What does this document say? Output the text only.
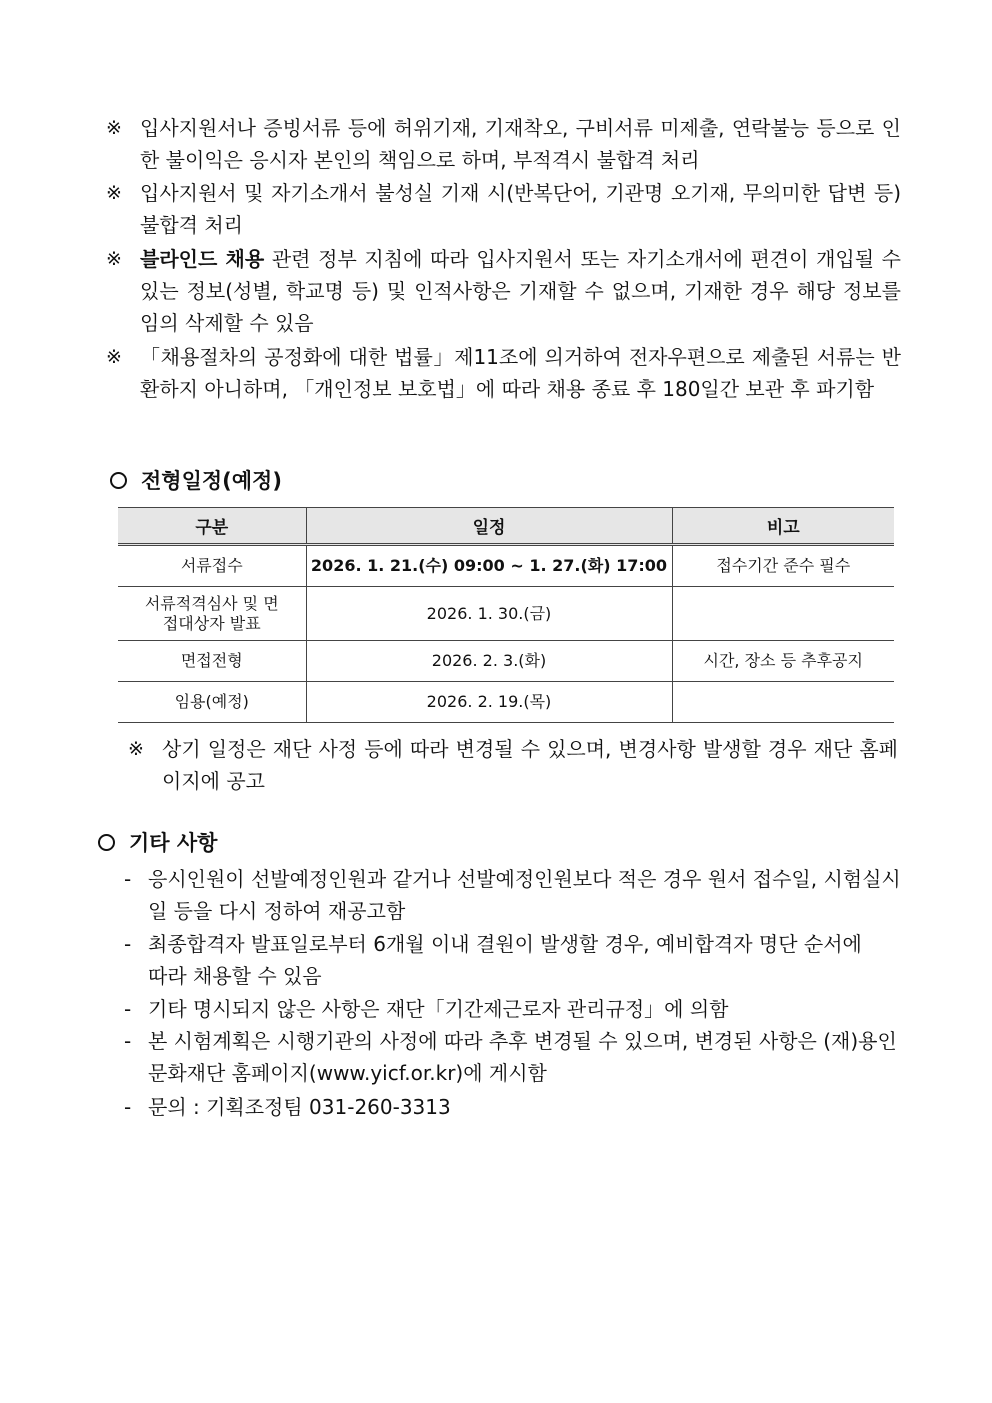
※ 입사지원서나 증빙서류 등에 허위기재, 기재착오, 구비서류 미제출, 연락불능 등으로 인한 불이익은 응시자 본인의 책임으로 하며, 부적격시 불합격 처리
※ 입사지원서 및 자기소개서 불성실 기재 시(반복단어, 기관명 오기재, 무의미한 답변 등) 불합격 처리
※ 블라인드 채용 관련 정부 지침에 따라 입사지원서 또는 자기소개서에 편견이 개입될 수 있는 정보(성별, 학교명 등) 및 인적사항은 기재할 수 없으며, 기재한 경우 해당 정보를 임의 삭제할 수 있음
※ 「채용절차의 공정화에 대한 법률」제11조에 의거하여 전자우편으로 제출된 서류는 반환하지 아니하며, 「개인정보 보호법」에 따라 채용 종료 후 180일간 보관 후 파기함
전형일정(예정)
구분	일정	비고
서류접수	2026. 1. 21.(수) 09:00 ~ 1. 27.(화) 17:00	접수기간 준수 필수
서류적격심사 및 면접대상자 발표	2026. 1. 30.(금)	
면접전형	2026. 2. 3.(화)	시간, 장소 등 추후공지
임용(예정)	2026. 2. 19.(목)	
※ 상기 일정은 재단 사정 등에 따라 변경될 수 있으며, 변경사항 발생할 경우 재단 홈페이지에 공고
기타 사항
- 응시인원이 선발예정인원과 같거나 선발예정인원보다 적은 경우 원서 접수일, 시험실시일 등을 다시 정하여 재공고함
- 최종합격자 발표일로부터 6개월 이내 결원이 발생할 경우, 예비합격자 명단 순서에 따라 채용할 수 있음
- 기타 명시되지 않은 사항은 재단「기간제근로자 관리규정」에 의함
- 본 시험계획은 시행기관의 사정에 따라 추후 변경될 수 있으며, 변경된 사항은 (재)용인문화재단 홈페이지(www.yicf.or.kr)에 게시함
- 문의 : 기획조정팀 031-260-3313
